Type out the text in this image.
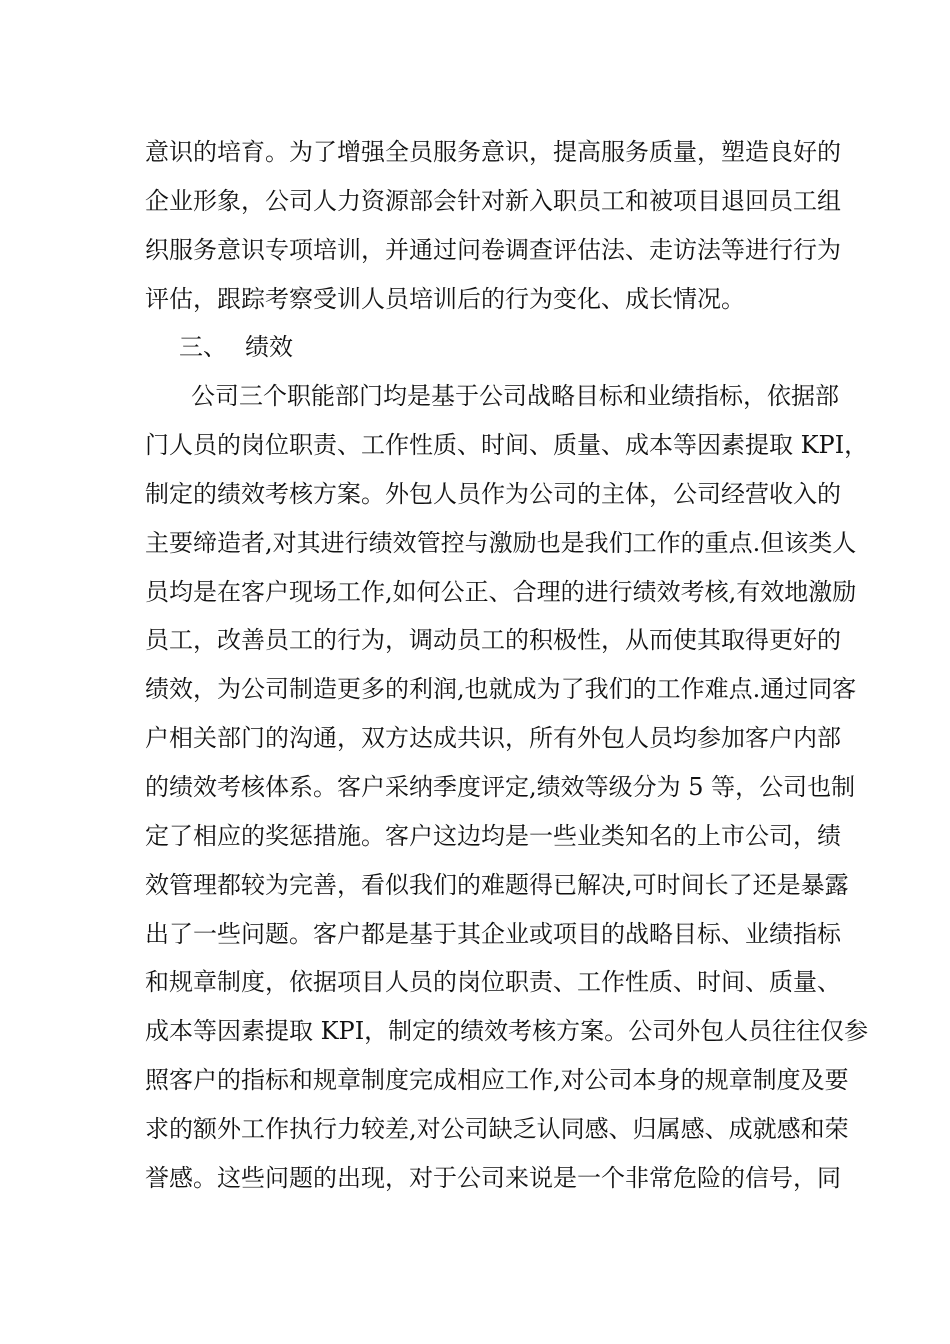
意识的培育。为了增强全员服务意识，提高服务质量，塑造良好的
企业形象，公司人力资源部会针对新入职员工和被项目退回员工组
织服务意识专项培训，并通过问卷调查评估法、走访法等进行行为
评估，跟踪考察受训人员培训后的行为变化、成长情况。
三、 绩效
公司三个职能部门均是基于公司战略目标和业绩指标，依据部
门人员的岗位职责、工作性质、时间、质量、成本等因素提取 KPI，
制定的绩效考核方案。外包人员作为公司的主体，公司经营收入的
主要缔造者,对其进行绩效管控与激励也是我们工作的重点.但该类人
员均是在客户现场工作,如何公正、合理的进行绩效考核,有效地激励
员工，改善员工的行为，调动员工的积极性，从而使其取得更好的
绩效，为公司制造更多的利润,也就成为了我们的工作难点.通过同客
户相关部门的沟通，双方达成共识，所有外包人员均参加客户内部
的绩效考核体系。客户采纳季度评定,绩效等级分为 5 等，公司也制
定了相应的奖惩措施。客户这边均是一些业类知名的上市公司，绩
效管理都较为完善，看似我们的难题得已解决,可时间长了还是暴露
出了一些问题。客户都是基于其企业或项目的战略目标、业绩指标
和规章制度，依据项目人员的岗位职责、工作性质、时间、质量、
成本等因素提取 KPI，制定的绩效考核方案。公司外包人员往往仅参
照客户的指标和规章制度完成相应工作,对公司本身的规章制度及要
求的额外工作执行力较差,对公司缺乏认同感、归属感、成就感和荣
誉感。这些问题的出现，对于公司来说是一个非常危险的信号，同
